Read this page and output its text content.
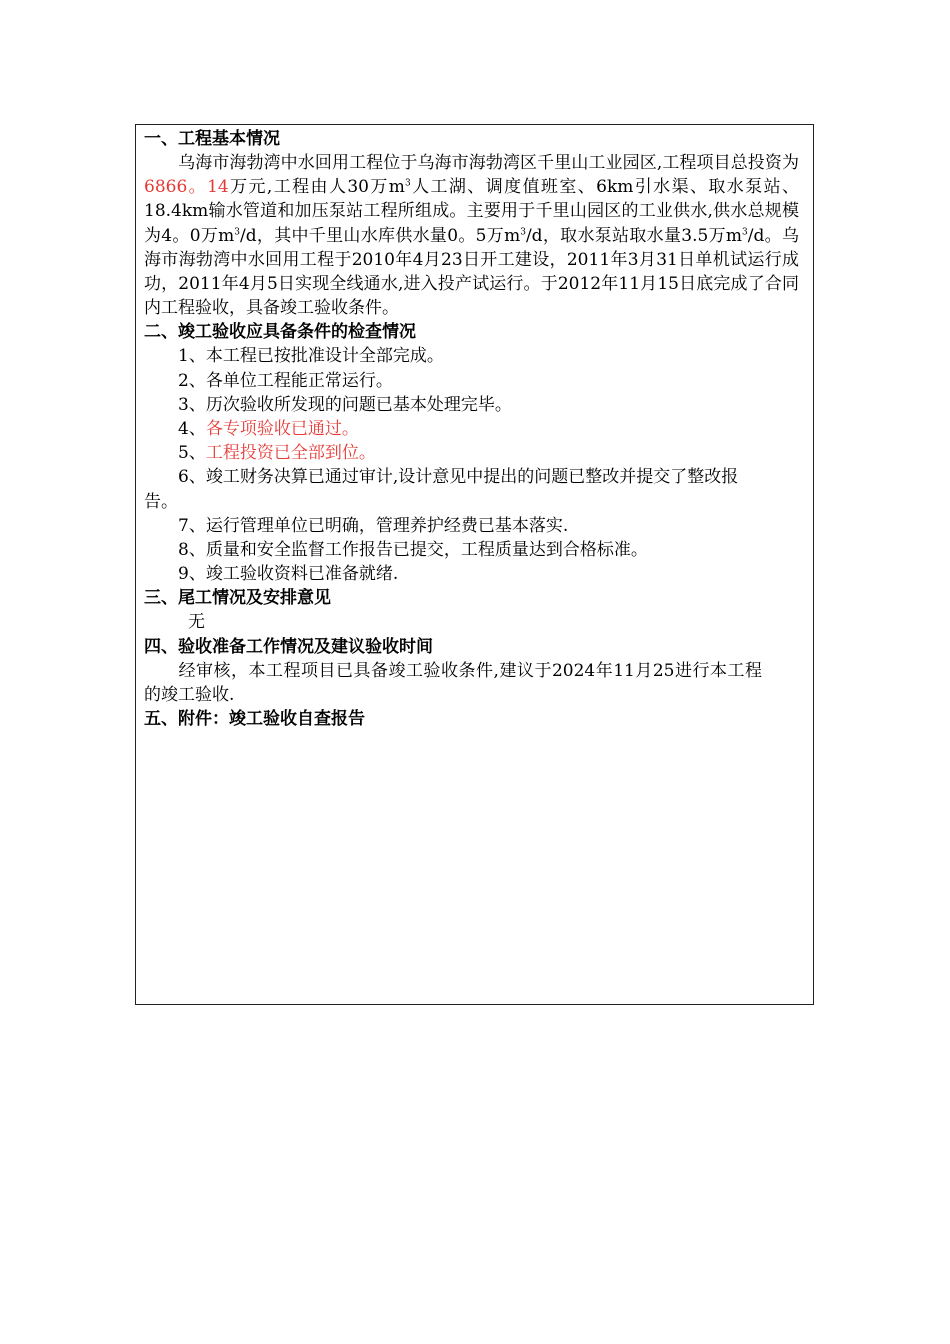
一、工程基本情况
乌海市海勃湾中水回用工程位于乌海市海勃湾区千里山工业园区,工程项目总投资为6866。14万元,工程由人30万$m^3$人工湖、调度值班室、6km引水渠、取水泵站、18.4km输水管道和加压泵站工程所组成。主要用于千里山园区的工业供水,供水总规模为4。0万$m^3/d$，其中千里山水库供水量0。5万$m^3/d$，取水泵站取水量3.5万$m^3/d$。乌海市海勃湾中水回用工程于2010年4月23日开工建设，2011年3月31日单机试运行成功，2011年4月5日实现全线通水,进入投产试运行。于2012年11月15日底完成了合同内工程验收，具备竣工验收条件。
二、竣工验收应具备条件的检查情况
1、本工程已按批准设计全部完成。
2、各单位工程能正常运行。
3、历次验收所发现的问题已基本处理完毕。
4、各专项验收已通过。
5、工程投资已全部到位。
6、竣工财务决算已通过审计,设计意见中提出的问题已整改并提交了整改报告。
7、运行管理单位已明确，管理养护经费已基本落实.
8、质量和安全监督工作报告已提交，工程质量达到合格标准。
9、竣工验收资料已准备就绪.
三、尾工情况及安排意见
无
四、验收准备工作情况及建议验收时间
经审核，本工程项目已具备竣工验收条件,建议于2024年11月25进行本工程的竣工验收.
五、附件：竣工验收自查报告
